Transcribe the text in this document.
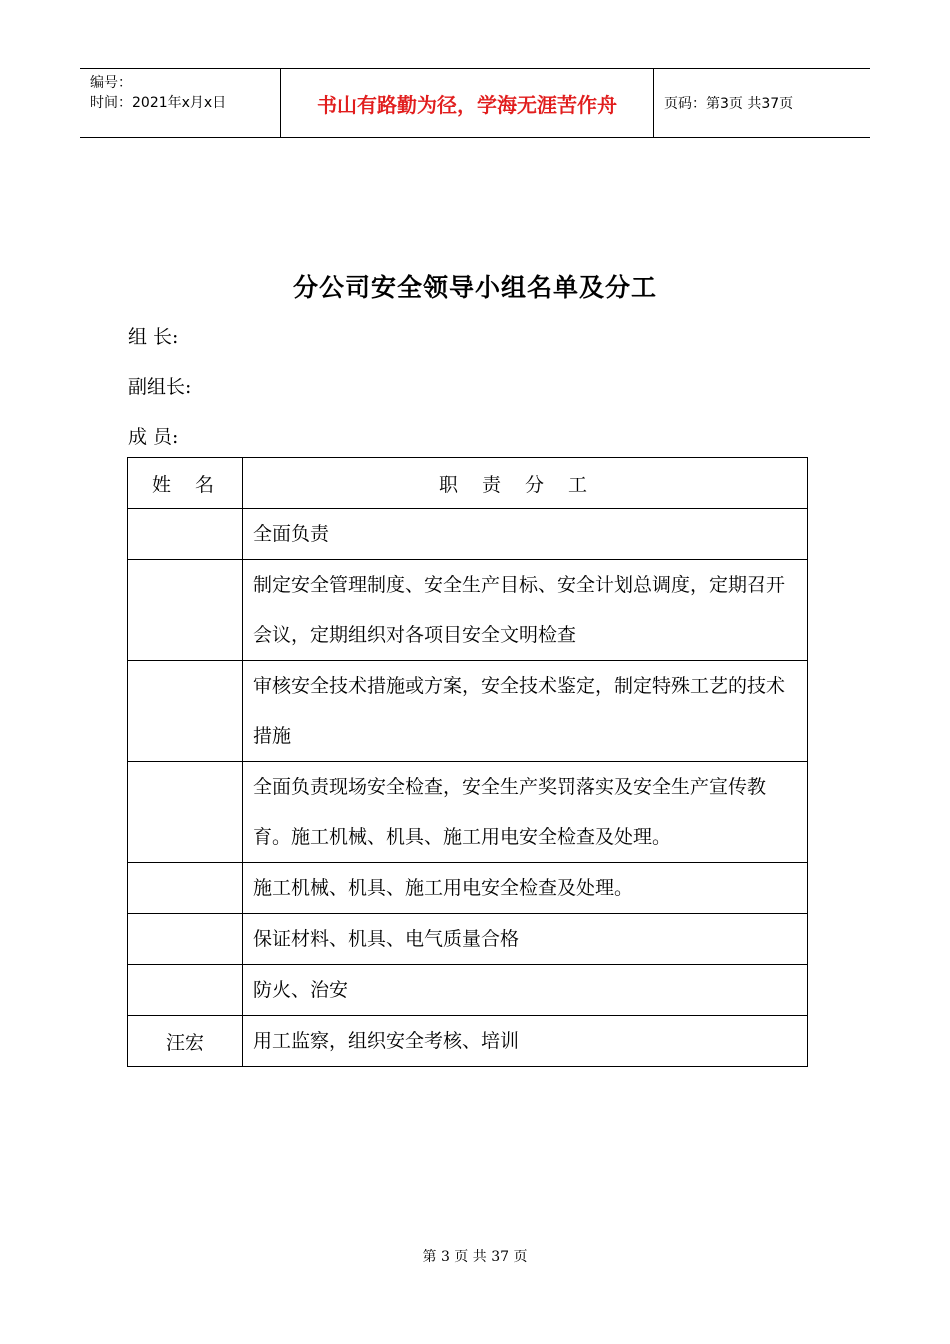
编号：
时间：2021年x月x日	书山有路勤为径，学海无涯苦作舟	页码：第3页 共37页
分公司安全领导小组名单及分工
组 长:
副组长:
成 员:
姓名	职责分工
	全面负责
	制定安全管理制度、安全生产目标、安全计划总调度，定期召开会议，定期组织对各项目安全文明检查
	审核安全技术措施或方案，安全技术鉴定，制定特殊工艺的技术措施
	全面负责现场安全检查，安全生产奖罚落实及安全生产宣传教育。施工机械、机具、施工用电安全检查及处理。
	施工机械、机具、施工用电安全检查及处理。
	保证材料、机具、电气质量合格
	防火、治安
汪宏	用工监察，组织安全考核、培训
第 3 页 共 37 页
